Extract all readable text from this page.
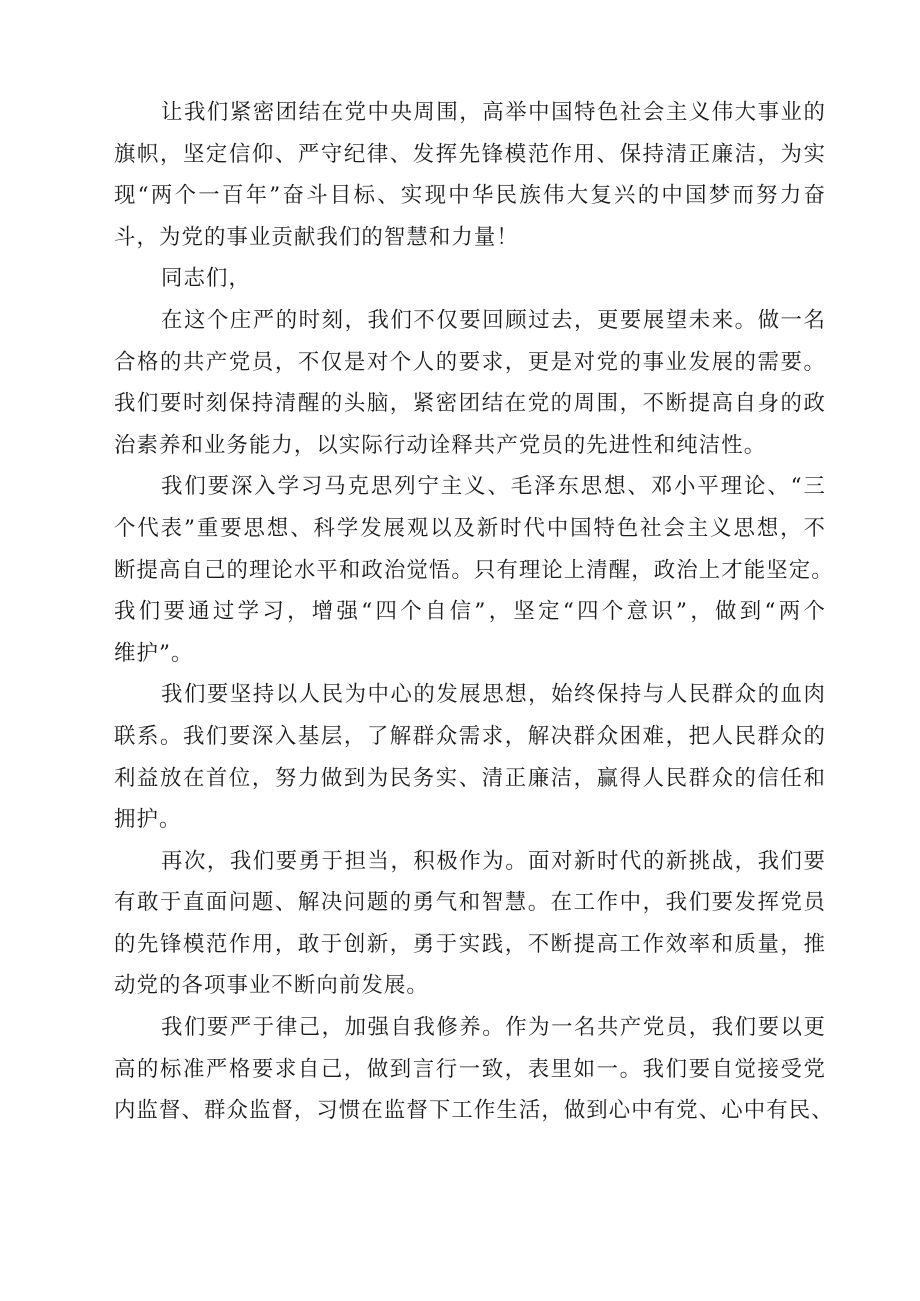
让我们紧密团结在党中央周围，高举中国特色社会主义伟大事业的
旗帜，坚定信仰、严守纪律、发挥先锋模范作用、保持清正廉洁，为实
现“两个一百年”奋斗目标、实现中华民族伟大复兴的中国梦而努力奋
斗，为党的事业贡献我们的智慧和力量！
同志们，
在这个庄严的时刻，我们不仅要回顾过去，更要展望未来。做一名
合格的共产党员，不仅是对个人的要求，更是对党的事业发展的需要。
我们要时刻保持清醒的头脑，紧密团结在党的周围，不断提高自身的政
治素养和业务能力，以实际行动诠释共产党员的先进性和纯洁性。
我们要深入学习马克思列宁主义、毛泽东思想、邓小平理论、“三
个代表”重要思想、科学发展观以及新时代中国特色社会主义思想，不
断提高自己的理论水平和政治觉悟。只有理论上清醒，政治上才能坚定。
我们要通过学习，增强“四个自信”，坚定“四个意识”，做到“两个
维护”。
我们要坚持以人民为中心的发展思想，始终保持与人民群众的血肉
联系。我们要深入基层，了解群众需求，解决群众困难，把人民群众的
利益放在首位，努力做到为民务实、清正廉洁，赢得人民群众的信任和
拥护。
再次，我们要勇于担当，积极作为。面对新时代的新挑战，我们要
有敢于直面问题、解决问题的勇气和智慧。在工作中，我们要发挥党员
的先锋模范作用，敢于创新，勇于实践，不断提高工作效率和质量，推
动党的各项事业不断向前发展。
我们要严于律己，加强自我修养。作为一名共产党员，我们要以更
高的标准严格要求自己，做到言行一致，表里如一。我们要自觉接受党
内监督、群众监督，习惯在监督下工作生活，做到心中有党、心中有民、
